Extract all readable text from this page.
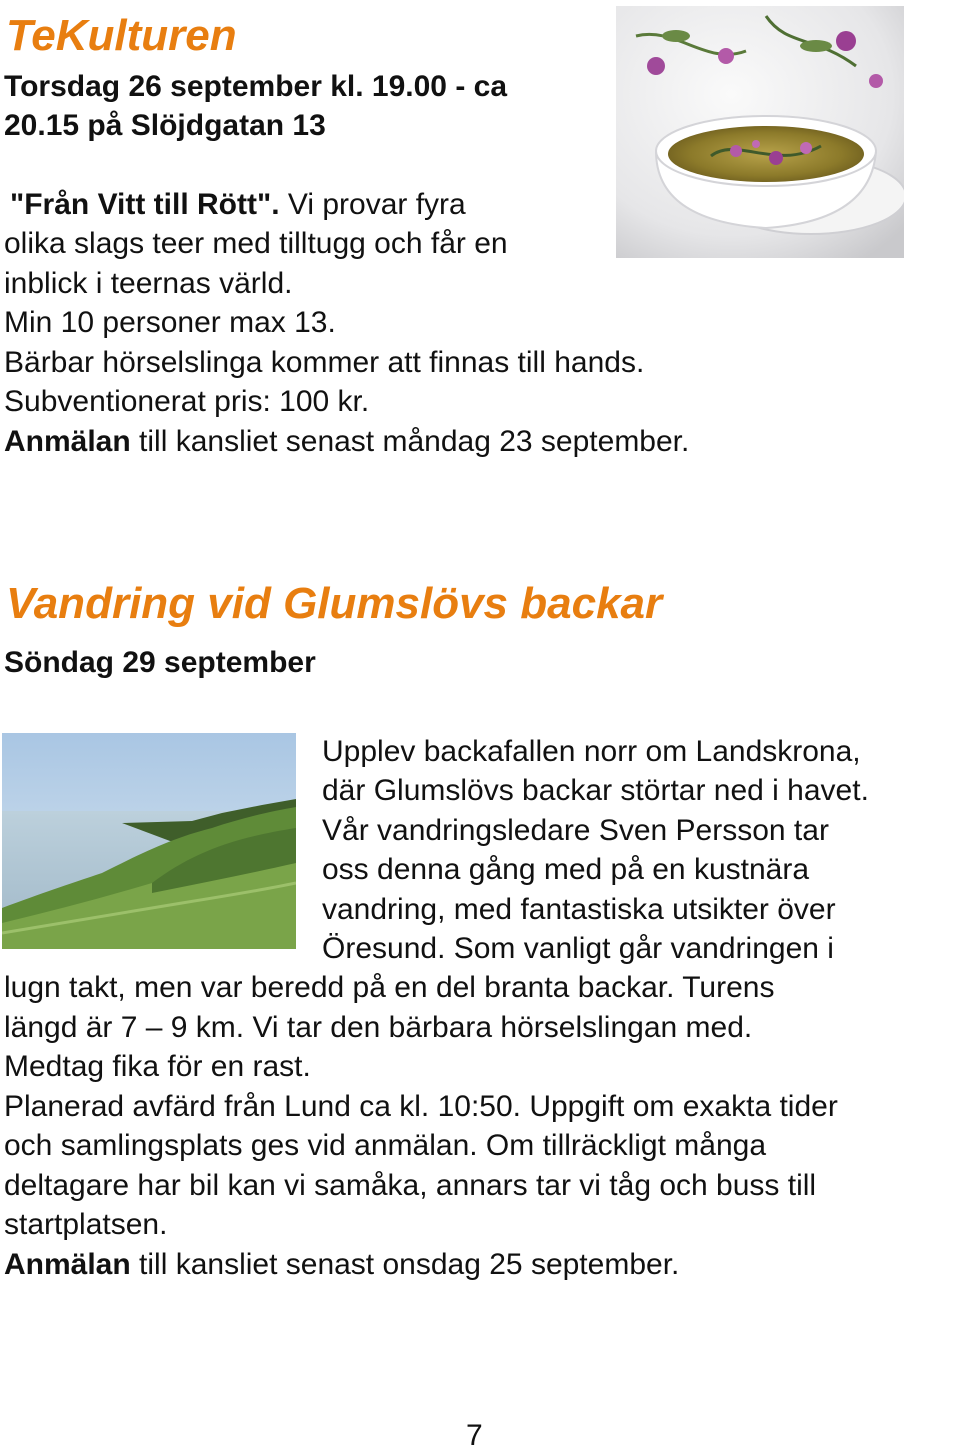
TeKulturen
Torsdag 26 september kl. 19.00 - ca
20.15 på Slöjdgatan 13
"Från Vitt till Rött". Vi provar fyra
olika slags teer med tilltugg och får en
inblick i teernas värld.
Min 10 personer max 13.
Bärbar hörselslinga kommer att finnas till hands.
Subventionerat pris: 100 kr.
Anmälan till kansliet senast måndag 23 september.
Vandring vid Glumslövs backar
Söndag 29 september
Upplev backafallen norr om Landskrona,
där Glumslövs backar störtar ned i havet.
Vår vandringsledare Sven Persson tar
oss denna gång med på en kustnära
vandring, med fantastiska utsikter över
Öresund. Som vanligt går vandringen i
lugn takt, men var beredd på en del branta backar. Turens
längd är 7 – 9 km. Vi tar den bärbara hörselslingan med.
Medtag fika för en rast.
Planerad avfärd från Lund ca kl. 10:50. Uppgift om exakta tider
och samlingsplats ges vid anmälan. Om tillräckligt många
deltagare har bil kan vi samåka, annars tar vi tåg och buss till
startplatsen.
Anmälan till kansliet senast onsdag 25 september.
7
